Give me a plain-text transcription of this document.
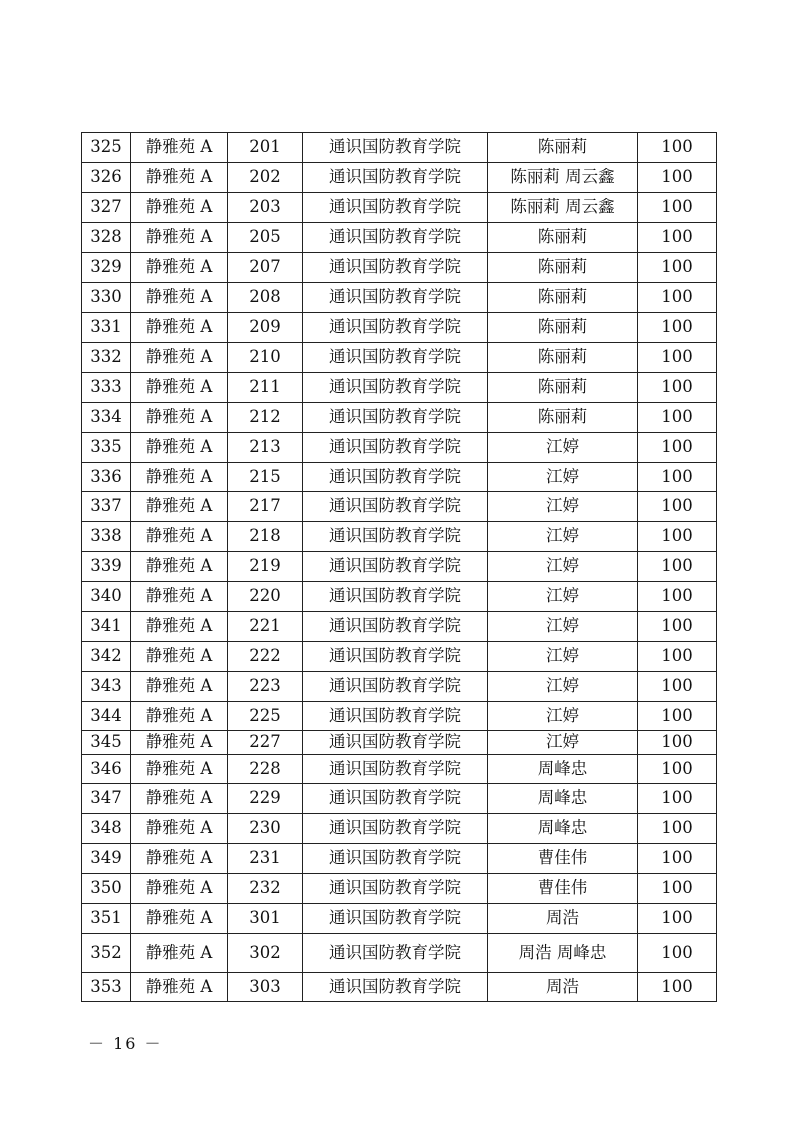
325	静雅苑 A	201	通识国防教育学院	陈丽莉	100
326	静雅苑 A	202	通识国防教育学院	陈丽莉 周云鑫	100
327	静雅苑 A	203	通识国防教育学院	陈丽莉 周云鑫	100
328	静雅苑 A	205	通识国防教育学院	陈丽莉	100
329	静雅苑 A	207	通识国防教育学院	陈丽莉	100
330	静雅苑 A	208	通识国防教育学院	陈丽莉	100
331	静雅苑 A	209	通识国防教育学院	陈丽莉	100
332	静雅苑 A	210	通识国防教育学院	陈丽莉	100
333	静雅苑 A	211	通识国防教育学院	陈丽莉	100
334	静雅苑 A	212	通识国防教育学院	陈丽莉	100
335	静雅苑 A	213	通识国防教育学院	江婷	100
336	静雅苑 A	215	通识国防教育学院	江婷	100
337	静雅苑 A	217	通识国防教育学院	江婷	100
338	静雅苑 A	218	通识国防教育学院	江婷	100
339	静雅苑 A	219	通识国防教育学院	江婷	100
340	静雅苑 A	220	通识国防教育学院	江婷	100
341	静雅苑 A	221	通识国防教育学院	江婷	100
342	静雅苑 A	222	通识国防教育学院	江婷	100
343	静雅苑 A	223	通识国防教育学院	江婷	100
344	静雅苑 A	225	通识国防教育学院	江婷	100
345	静雅苑 A	227	通识国防教育学院	江婷	100
346	静雅苑 A	228	通识国防教育学院	周峰忠	100
347	静雅苑 A	229	通识国防教育学院	周峰忠	100
348	静雅苑 A	230	通识国防教育学院	周峰忠	100
349	静雅苑 A	231	通识国防教育学院	曹佳伟	100
350	静雅苑 A	232	通识国防教育学院	曹佳伟	100
351	静雅苑 A	301	通识国防教育学院	周浩	100
352	静雅苑 A	302	通识国防教育学院	周浩 周峰忠	100
353	静雅苑 A	303	通识国防教育学院	周浩	100
－ 16 －
